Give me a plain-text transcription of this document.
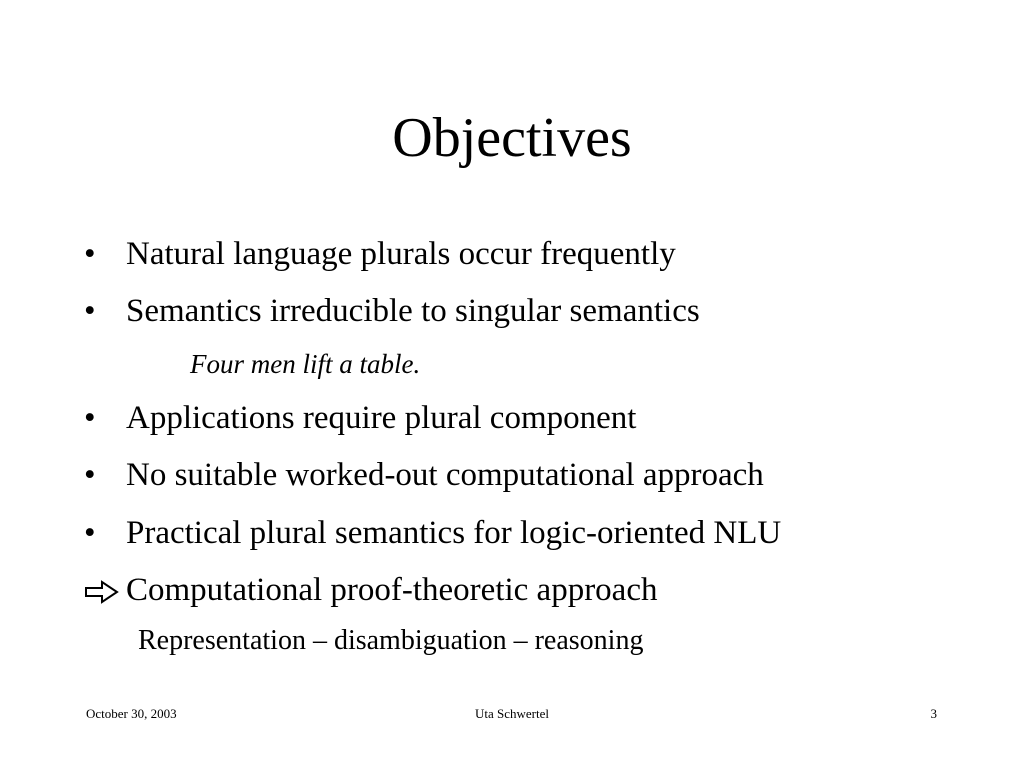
Objectives
• Natural language plurals occur frequently
• Semantics irreducible to singular semantics
Four men lift a table.
• Applications require plural component
• No suitable worked-out computational approach
• Practical plural semantics for logic-oriented NLU
Computational proof-theoretic approach
Representation – disambiguation – reasoning
October 30, 2003	Uta Schwertel	3
